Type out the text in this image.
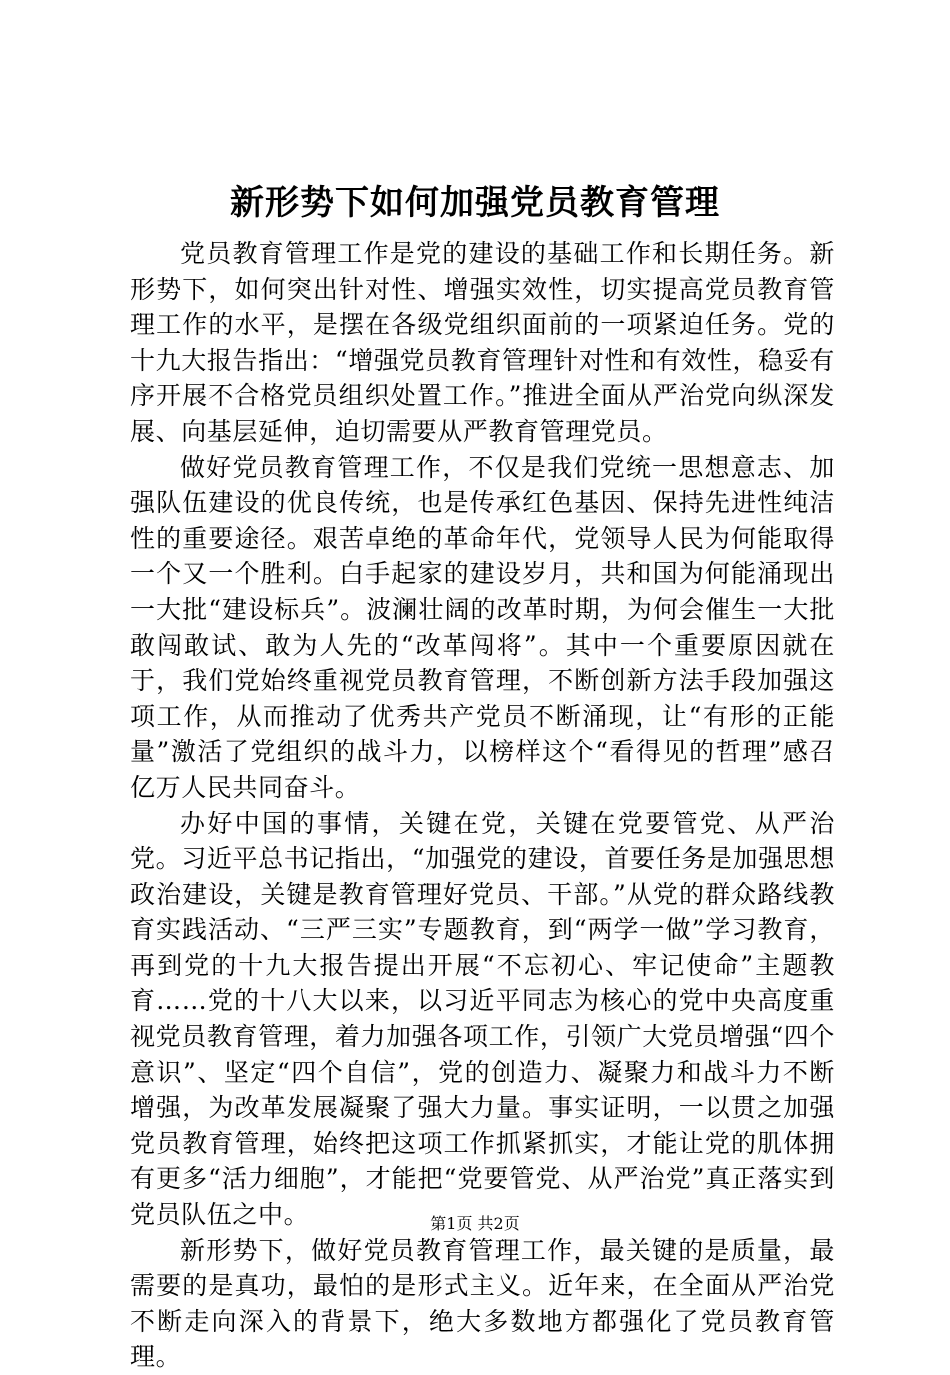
新形势下如何加强党员教育管理

党员教育管理工作是党的建设的基础工作和长期任务。新形势下，如何突出针对性、增强实效性，切实提高党员教育管理工作的水平，是摆在各级党组织面前的一项紧迫任务。党的十九大报告指出：“增强党员教育管理针对性和有效性，稳妥有序开展不合格党员组织处置工作。”推进全面从严治党向纵深发展、向基层延伸，迫切需要从严教育管理党员。

做好党员教育管理工作，不仅是我们党统一思想意志、加强队伍建设的优良传统，也是传承红色基因、保持先进性纯洁性的重要途径。艰苦卓绝的革命年代，党领导人民为何能取得一个又一个胜利。白手起家的建设岁月，共和国为何能涌现出一大批“建设标兵”。波澜壮阔的改革时期，为何会催生一大批敢闯敢试、敢为人先的“改革闯将”。其中一个重要原因就在于，我们党始终重视党员教育管理，不断创新方法手段加强这项工作，从而推动了优秀共产党员不断涌现，让“有形的正能量”激活了党组织的战斗力，以榜样这个“看得见的哲理”感召亿万人民共同奋斗。

办好中国的事情，关键在党，关键在党要管党、从严治党。习近平总书记指出，“加强党的建设，首要任务是加强思想政治建设，关键是教育管理好党员、干部。”从党的群众路线教育实践活动、“三严三实”专题教育，到“两学一做”学习教育，再到党的十九大报告提出开展“不忘初心、牢记使命”主题教育……党的十八大以来，以习近平同志为核心的党中央高度重视党员教育管理，着力加强各项工作，引领广大党员增强“四个意识”、坚定“四个自信”，党的创造力、凝聚力和战斗力不断增强，为改革发展凝聚了强大力量。事实证明，一以贯之加强党员教育管理，始终把这项工作抓紧抓实，才能让党的肌体拥有更多“活力细胞”，才能把“党要管党、从严治党”真正落实到党员队伍之中。

新形势下，做好党员教育管理工作，最关键的是质量，最需要的是真功，最怕的是形式主义。近年来，在全面从严治党不断走向深入的背景下，绝大多数地方都强化了党员教育管理。

第1页 共2页
